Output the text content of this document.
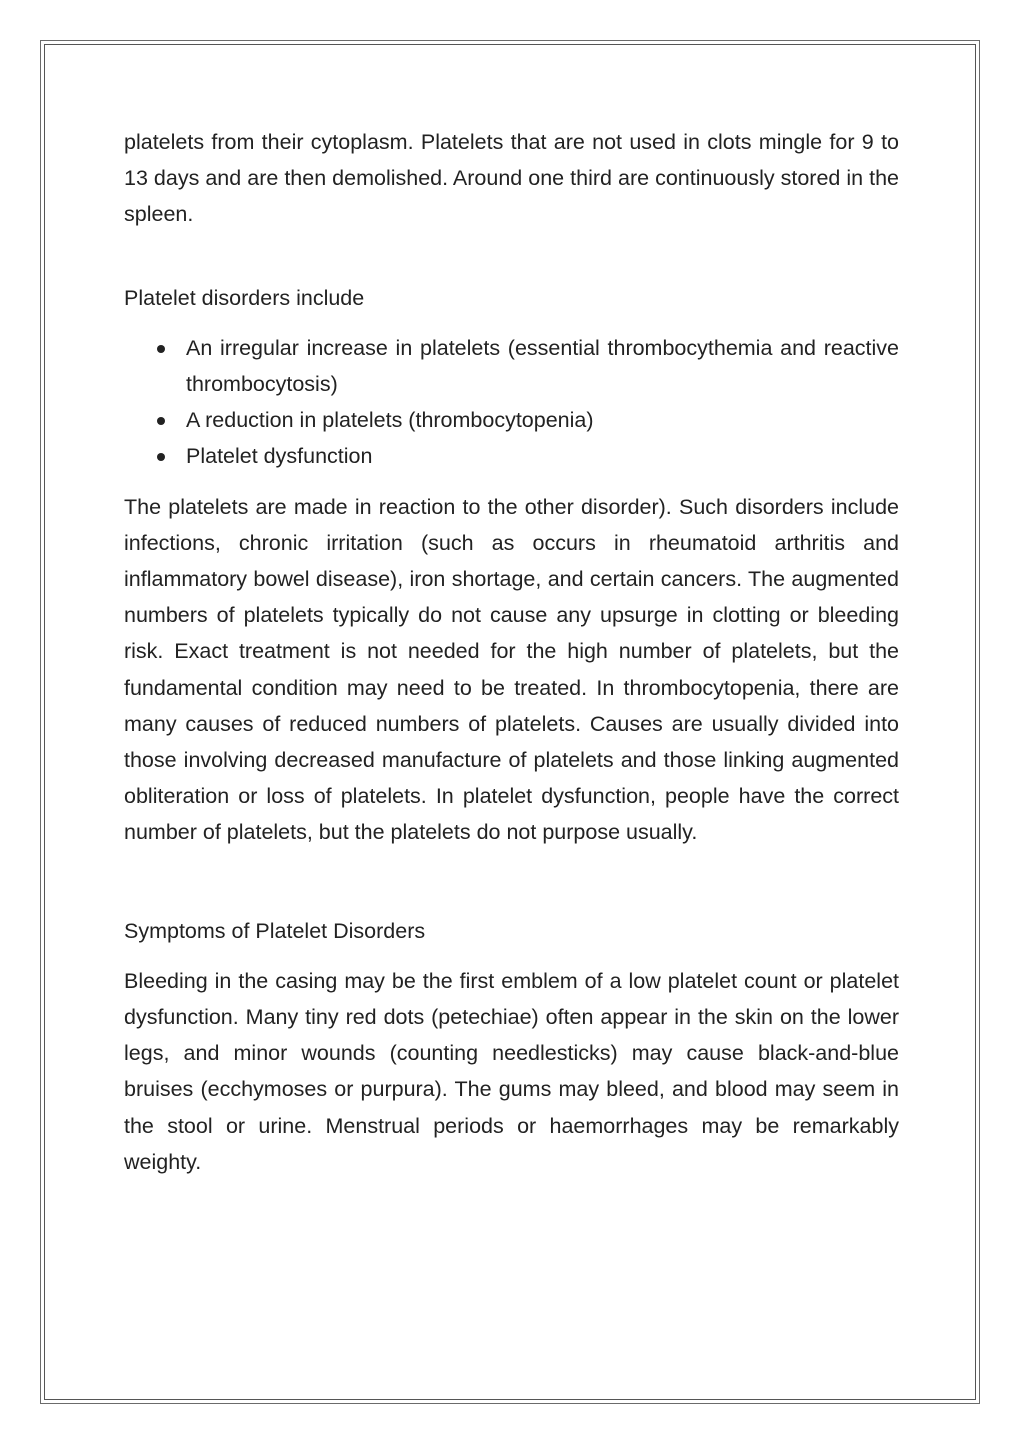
platelets from their cytoplasm. Platelets that are not used in clots mingle for 9 to 13 days and are then demolished. Around one third are continuously stored in the spleen.

Platelet disorders include

An irregular increase in platelets (essential thrombocythemia and reactive thrombocytosis)
A reduction in platelets (thrombocytopenia)
Platelet dysfunction

The platelets are made in reaction to the other disorder). Such disorders include infections, chronic irritation (such as occurs in rheumatoid arthritis and inflammatory bowel disease), iron shortage, and certain cancers. The augmented numbers of platelets typically do not cause any upsurge in clotting or bleeding risk. Exact treatment is not needed for the high number of platelets, but the fundamental condition may need to be treated. In thrombocytopenia, there are many causes of reduced numbers of platelets. Causes are usually divided into those involving decreased manufacture of platelets and those linking augmented obliteration or loss of platelets. In platelet dysfunction, people have the correct number of platelets, but the platelets do not purpose usually.

Symptoms of Platelet Disorders

Bleeding in the casing may be the first emblem of a low platelet count or platelet dysfunction. Many tiny red dots (petechiae) often appear in the skin on the lower legs, and minor wounds (counting needlesticks) may cause black-and-blue bruises (ecchymoses or purpura). The gums may bleed, and blood may seem in the stool or urine. Menstrual periods or haemorrhages may be remarkably weighty.
